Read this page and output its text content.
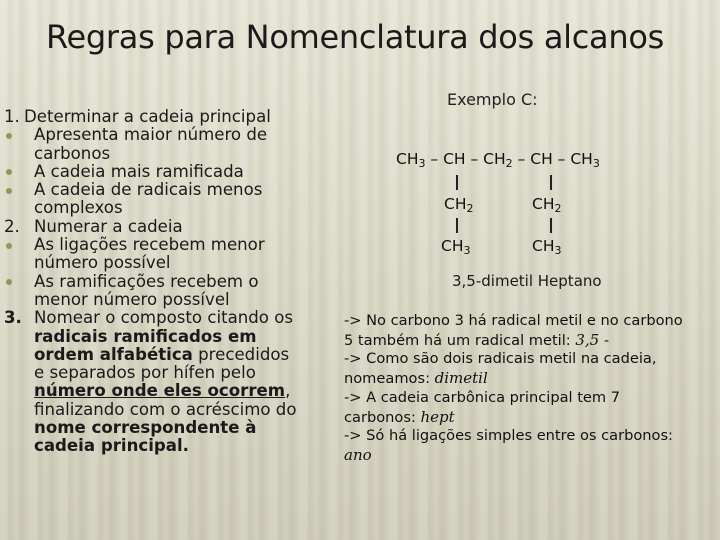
Regras para Nomenclatura dos alcanos
1. Determinar a cadeia principal
Apresenta maior número de
carbonos
A cadeia mais ramificada
A cadeia de radicais menos
complexos
2. Numerar a cadeia
As ligações recebem menor
número possível
As ramificações recebem o
menor número possível
3. Nomear o composto citando os
radicais ramificados em
ordem alfabética precedidos
e separados por hífen pelo
número onde eles ocorrem,
finalizando com o acréscimo do
nome correspondente à
cadeia principal.
Exemplo C:
$CH_3$ – CH – $CH_2$ – CH – $CH_3$
$CH_2$
$CH_3$
$CH_2$
$CH_3$
3,5-dimetil Heptano
-> No carbono 3 há radical metil e no carbono
5 também há um radical metil: 3,5 -
-> Como são dois radicais metil na cadeia,
nomeamos: dimetil
-> A cadeia carbônica principal tem 7
carbonos: hept
-> Só há ligações simples entre os carbonos:
ano
